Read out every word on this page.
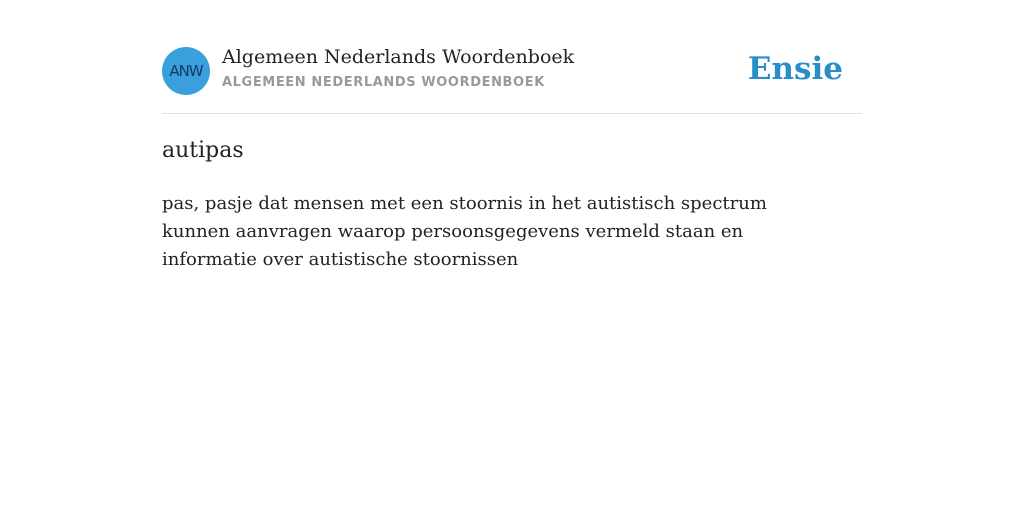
ANW
Algemeen Nederlands Woordenboek
ALGEMEEN NEDERLANDS WOORDENBOEK	Ensie
autipas
pas, pasje dat mensen met een stoornis in het autistisch spectrum kunnen aanvragen waarop persoonsgegevens vermeld staan en informatie over autistische stoornissen
